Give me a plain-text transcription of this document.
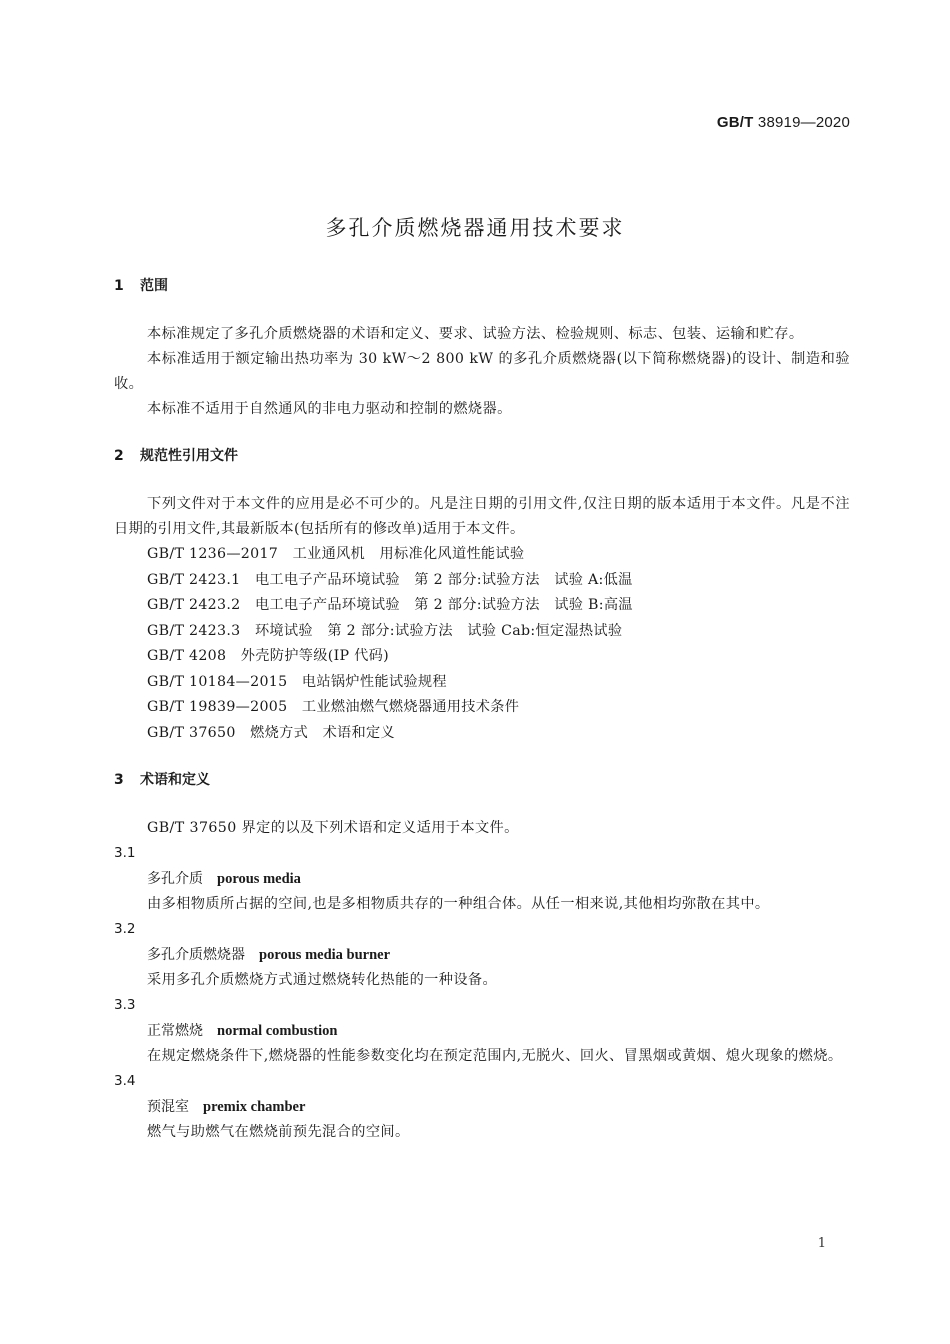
GB/T 38919—2020
多孔介质燃烧器通用技术要求
1 范围

本标准规定了多孔介质燃烧器的术语和定义、要求、试验方法、检验规则、标志、包装、运输和贮存。

本标准适用于额定输出热功率为 30 kW～2 800 kW 的多孔介质燃烧器(以下简称燃烧器)的设计、制造和验收。

本标准不适用于自然通风的非电力驱动和控制的燃烧器。

2 规范性引用文件

下列文件对于本文件的应用是必不可少的。凡是注日期的引用文件,仅注日期的版本适用于本文件。凡是不注日期的引用文件,其最新版本(包括所有的修改单)适用于本文件。

GB/T 1236—2017　工业通风机　用标准化风道性能试验

GB/T 2423.1　电工电子产品环境试验　第 2 部分:试验方法　试验 A:低温

GB/T 2423.2　电工电子产品环境试验　第 2 部分:试验方法　试验 B:高温

GB/T 2423.3　环境试验　第 2 部分:试验方法　试验 Cab:恒定湿热试验

GB/T 4208　外壳防护等级(IP 代码)

GB/T 10184—2015　电站锅炉性能试验规程

GB/T 19839—2005　工业燃油燃气燃烧器通用技术条件

GB/T 37650　燃烧方式　术语和定义

3 术语和定义

GB/T 37650 界定的以及下列术语和定义适用于本文件。

3.1

多孔介质 porous media

由多相物质所占据的空间,也是多相物质共存的一种组合体。从任一相来说,其他相均弥散在其中。

3.2

多孔介质燃烧器 porous media burner

采用多孔介质燃烧方式通过燃烧转化热能的一种设备。

3.3

正常燃烧 normal combustion

在规定燃烧条件下,燃烧器的性能参数变化均在预定范围内,无脱火、回火、冒黑烟或黄烟、熄火现象的燃烧。

3.4

预混室 premix chamber

燃气与助燃气在燃烧前预先混合的空间。

1
